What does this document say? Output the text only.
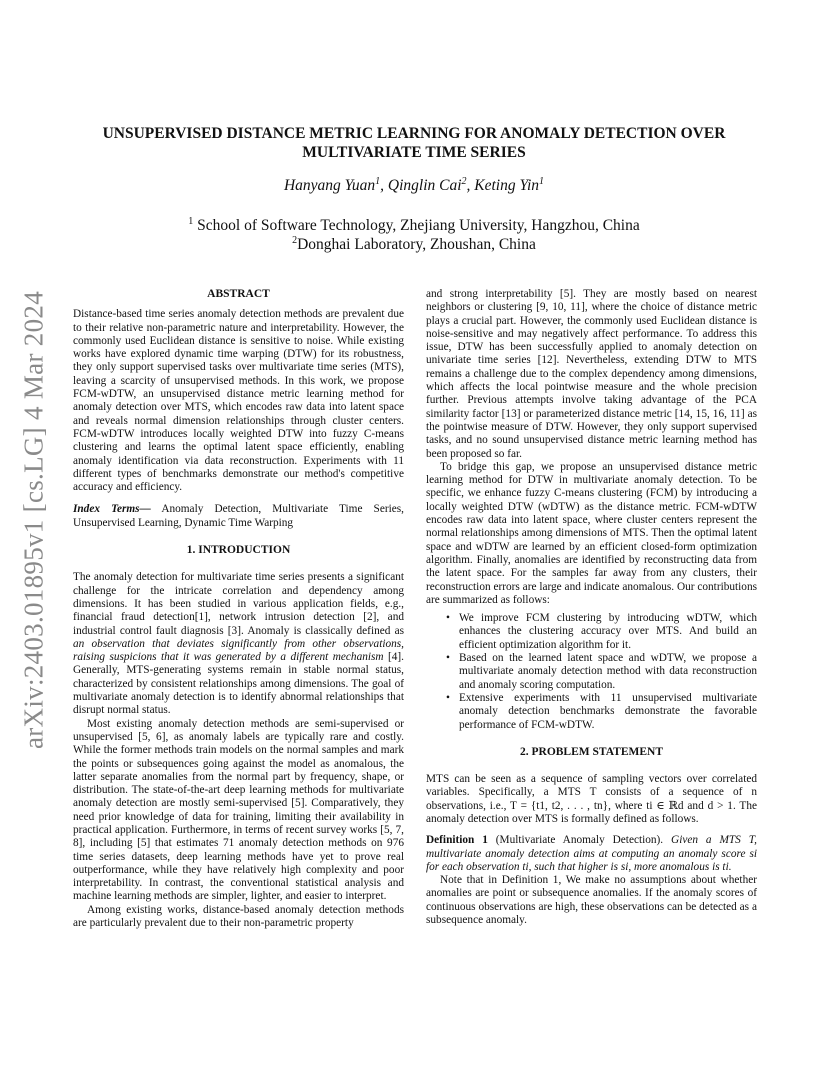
arXiv:2403.01895v1 [cs.LG] 4 Mar 2024
UNSUPERVISED DISTANCE METRIC LEARNING FOR ANOMALY DETECTION OVER
MULTIVARIATE TIME SERIES
Hanyang Yuan$^1$, Qinglin Cai$^2$, Keting Yin$^1$
$^1$ School of Software Technology, Zhejiang University, Hangzhou, China
$^2$Donghai Laboratory, Zhoushan, China
ABSTRACT

Distance-based time series anomaly detection methods are prevalent due to their relative non-parametric nature and interpretability. However, the commonly used Euclidean distance is sensitive to noise. While existing works have explored dynamic time warping (DTW) for its robustness, they only support supervised tasks over multivariate time series (MTS), leaving a scarcity of unsupervised methods. In this work, we propose FCM-wDTW, an unsupervised distance metric learning method for anomaly detection over MTS, which encodes raw data into latent space and reveals normal dimension relationships through cluster centers. FCM-wDTW introduces locally weighted DTW into fuzzy C-means clustering and learns the optimal latent space efficiently, enabling anomaly identification via data reconstruction. Experiments with 11 different types of benchmarks demonstrate our method's competitive accuracy and efficiency.

Index Terms— Anomaly Detection, Multivariate Time Series, Unsupervised Learning, Dynamic Time Warping

1. INTRODUCTION

The anomaly detection for multivariate time series presents a significant challenge for the intricate correlation and dependency among dimensions. It has been studied in various application fields, e.g., financial fraud detection[1], network intrusion detection [2], and industrial control fault diagnosis [3]. Anomaly is classically defined as an observation that deviates significantly from other observations, raising suspicions that it was generated by a different mechanism [4]. Generally, MTS-generating systems remain in stable normal status, characterized by consistent relationships among dimensions. The goal of multivariate anomaly detection is to identify abnormal relationships that disrupt normal status.

Most existing anomaly detection methods are semi-supervised or unsupervised [5, 6], as anomaly labels are typically rare and costly. While the former methods train models on the normal samples and mark the points or subsequences going against the model as anomalous, the latter separate anomalies from the normal part by frequency, shape, or distribution. The state-of-the-art deep learning methods for multivariate anomaly detection are mostly semi-supervised [5]. Comparatively, they need prior knowledge of data for training, limiting their availability in practical application. Furthermore, in terms of recent survey works [5, 7, 8], including [5] that estimates 71 anomaly detection methods on 976 time series datasets, deep learning methods have yet to prove real outperformance, while they have relatively high complexity and poor interpretability. In contrast, the conventional statistical analysis and machine learning methods are simpler, lighter, and easier to interpret.

Among existing works, distance-based anomaly detection methods are particularly prevalent due to their non-parametric property

and strong interpretability [5]. They are mostly based on nearest neighbors or clustering [9, 10, 11], where the choice of distance metric plays a crucial part. However, the commonly used Euclidean distance is noise-sensitive and may negatively affect performance. To address this issue, DTW has been successfully applied to anomaly detection on univariate time series [12]. Nevertheless, extending DTW to MTS remains a challenge due to the complex dependency among dimensions, which affects the local pointwise measure and the whole precision further. Previous attempts involve taking advantage of the PCA similarity factor [13] or parameterized distance metric [14, 15, 16, 11] as the pointwise measure of DTW. However, they only support supervised tasks, and no sound unsupervised distance metric learning method has been proposed so far.

To bridge this gap, we propose an unsupervised distance metric learning method for DTW in multivariate anomaly detection. To be specific, we enhance fuzzy C-means clustering (FCM) by introducing a locally weighted DTW (wDTW) as the distance metric. FCM-wDTW encodes raw data into latent space, where cluster centers represent the normal relationships among dimensions of MTS. Then the optimal latent space and wDTW are learned by an efficient closed-form optimization algorithm. Finally, anomalies are identified by reconstructing data from the latent space. For the samples far away from any clusters, their reconstruction errors are large and indicate anomalous. Our contributions are summarized as follows:

• We improve FCM clustering by introducing wDTW, which enhances the clustering accuracy over MTS. And build an efficient optimization algorithm for it.
• Based on the learned latent space and wDTW, we propose a multivariate anomaly detection method with data reconstruction and anomaly scoring computation.
• Extensive experiments with 11 unsupervised multivariate anomaly detection benchmarks demonstrate the favorable performance of FCM-wDTW.
2. PROBLEM STATEMENT

MTS can be seen as a sequence of sampling vectors over correlated variables. Specifically, a MTS T consists of a sequence of n observations, i.e., T = {t1, t2, . . . , tn}, where ti ∈ ℝd and d > 1. The anomaly detection over MTS is formally defined as follows.

Definition 1 (Multivariate Anomaly Detection). Given a MTS T, multivariate anomaly detection aims at computing an anomaly score si for each observation ti, such that higher is si, more anomalous is ti.

Note that in Definition 1, We make no assumptions about whether anomalies are point or subsequence anomalies. If the anomaly scores of continuous observations are high, these observations can be detected as a subsequence anomaly.
